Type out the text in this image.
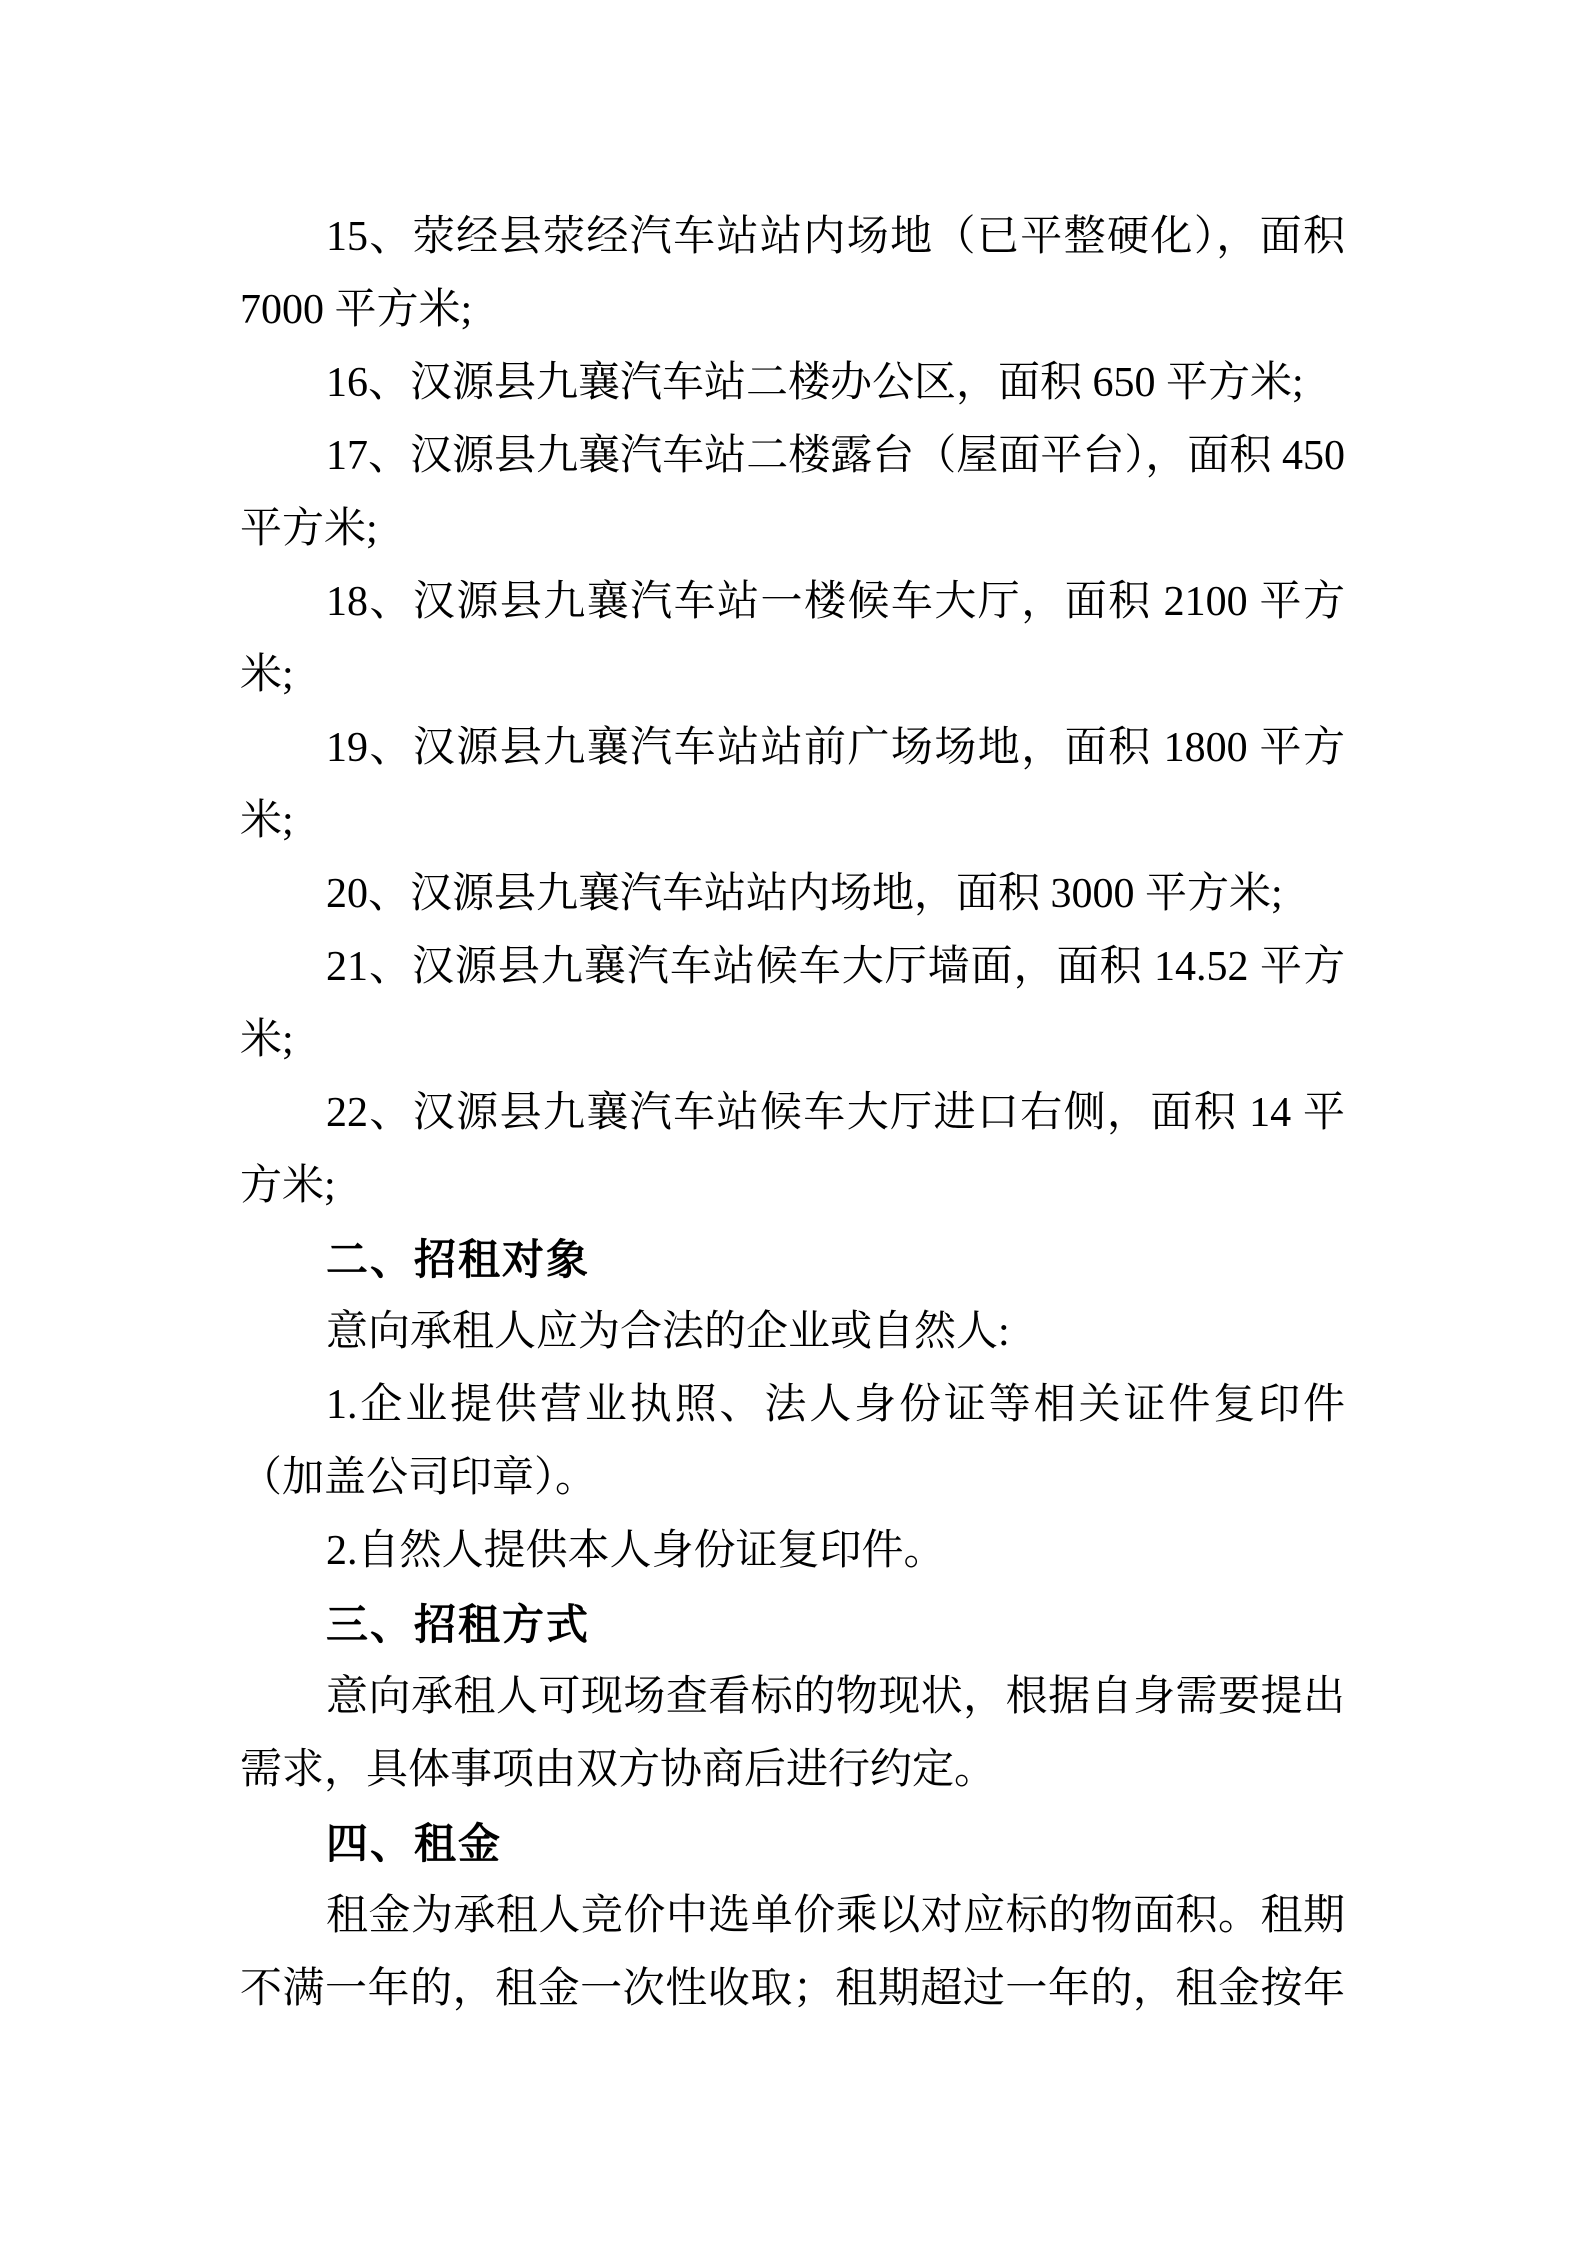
15、荥经县荥经汽车站站内场地（已平整硬化），面积
7000 平方米;
16、汉源县九襄汽车站二楼办公区，面积 650 平方米;
17、汉源县九襄汽车站二楼露台（屋面平台），面积 450
平方米;
18、汉源县九襄汽车站一楼候车大厅，面积 2100 平方
米;
19、汉源县九襄汽车站站前广场场地，面积 1800 平方
米;
20、汉源县九襄汽车站站内场地，面积 3000 平方米;
21、汉源县九襄汽车站候车大厅墙面，面积 14.52 平方
米;
22、汉源县九襄汽车站候车大厅进口右侧，面积 14 平
方米;
二、招租对象
意向承租人应为合法的企业或自然人:
1.企业提供营业执照、法人身份证等相关证件复印件
（加盖公司印章）。
2.自然人提供本人身份证复印件。
三、招租方式
意向承租人可现场查看标的物现状，根据自身需要提出
需求，具体事项由双方协商后进行约定。
四、租金
租金为承租人竞价中选单价乘以对应标的物面积。租期
不满一年的，租金一次性收取；租期超过一年的，租金按年
